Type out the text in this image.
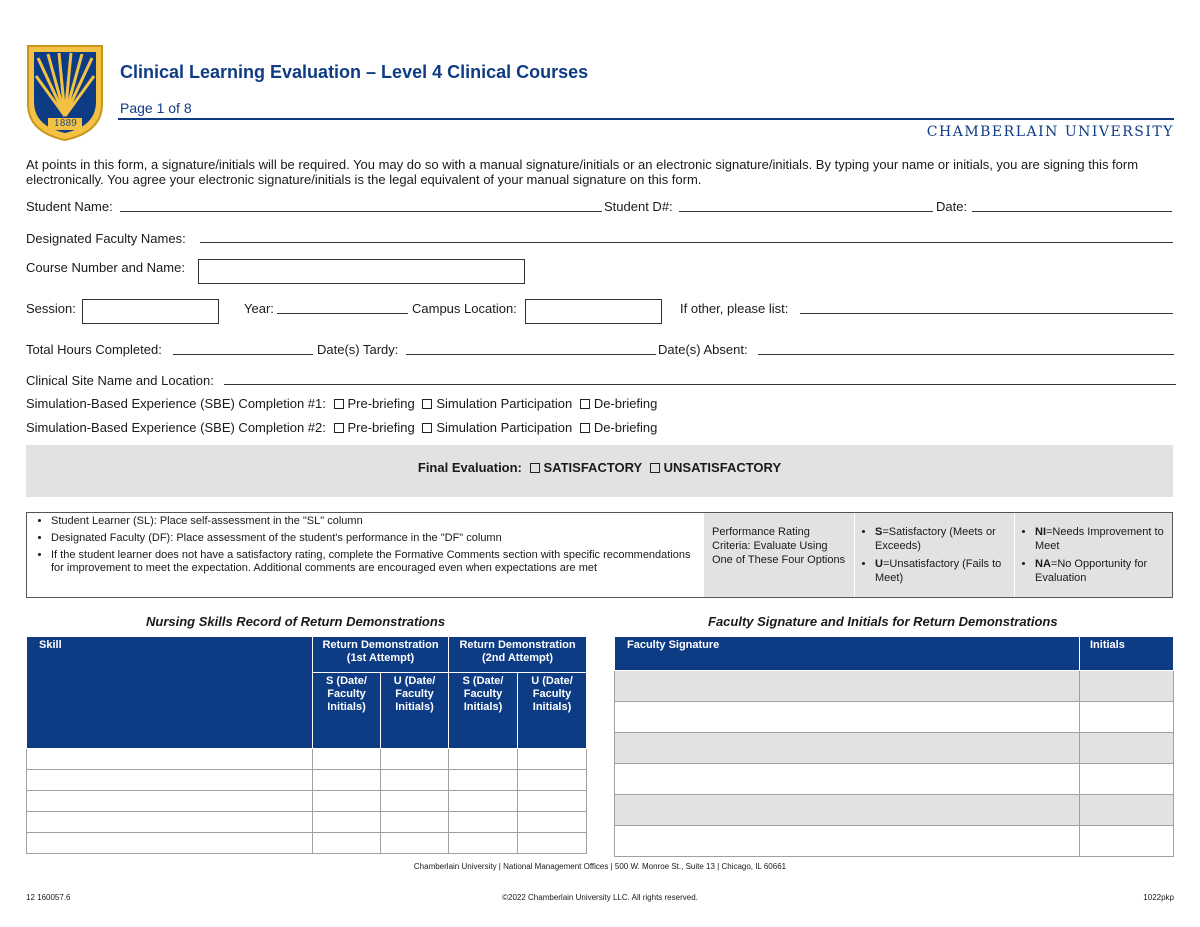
1889
Clinical Learning Evaluation – Level 4 Clinical Courses
Page 1 of 8
CHAMBERLAIN UNIVERSITY
At points in this form, a signature/initials will be required. You may do so with a manual signature/initials or an electronic signature/initials. By typing your name or initials, you are signing this form electronically. You agree your electronic signature/initials is the legal equivalent of your manual signature on this form.
Student Name:	Student D#:	Date:
Designated Faculty Names:
Course Number and Name:
Session:	Year:	Campus Location:	If other, please list:
Total Hours Completed:	Date(s) Tardy:	Date(s) Absent:
Clinical Site Name and Location:
Simulation-Based Experience (SBE) Completion #1: Pre-briefing Simulation Participation De-briefing
Simulation-Based Experience (SBE) Completion #2: Pre-briefing Simulation Participation De-briefing
Final Evaluation: SATISFACTORY UNSATISFACTORY
• Student Learner (SL): Place self-assessment in the "SL" column
• Designated Faculty (DF): Place assessment of the student's performance in the "DF" column
• If the student learner does not have a satisfactory rating, complete the Formative Comments section with specific recommendations for improvement to meet the expectation. Additional comments are encouraged even when expectations are met
Performance Rating Criteria: Evaluate Using One of These Four Options
• S=Satisfactory (Meets or Exceeds)
• U=Unsatisfactory (Fails to Meet)
• NI=Needs Improvement to Meet
• NA=No Opportunity for Evaluation
Nursing Skills Record of Return Demonstrations	Faculty Signature and Initials for Return Demonstrations
Skill	Return Demonstration (1st Attempt)		Return Demonstration (2nd Attempt)	
	S (Date/ Faculty Initials)	U (Date/ Faculty Initials)	S (Date/ Faculty Initials)	U (Date/ Faculty Initials)

Faculty Signature	Initials

Chamberlain University | National Management Offices | 500 W. Monroe St., Suite 13 | Chicago, IL 60661
©2022 Chamberlain University LLC. All rights reserved.
12 160057.6	1022pkp
